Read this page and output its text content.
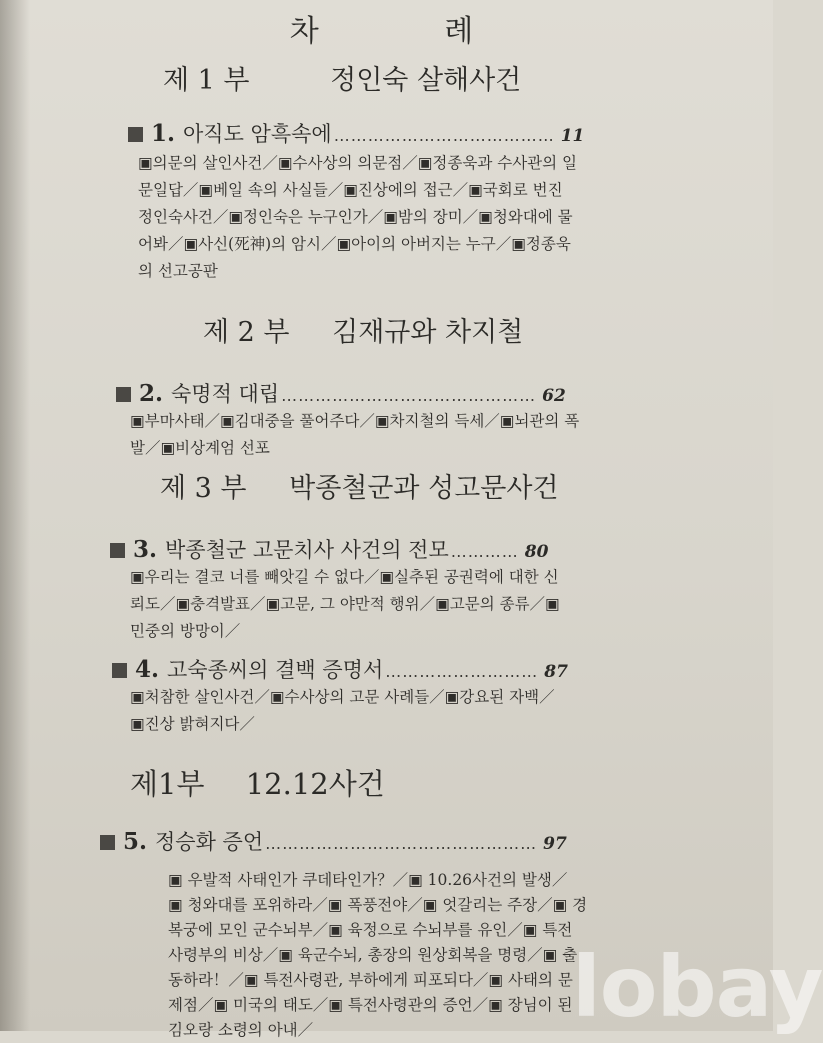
차 례
제 1 부	정인숙 살해사건
1. 아직도 암흑속에 ………………………………… 11
▣의문의 살인사건／▣수사상의 의문점／▣정종욱과 수사관의 일
문일답／▣베일 속의 사실들／▣진상에의 접근／▣국회로 번진
정인숙사건／▣정인숙은 누구인가／▣밤의 장미／▣청와대에 물
어봐／▣사신(死神)의 암시／▣아이의 아버지는 누구／▣정종욱
의 선고공판
제 2 부 김재규와 차지철
2. 숙명적 대립 ……………………………………… 62
▣부마사태／▣김대중을 풀어주다／▣차지철의 득세／▣뇌관의 폭
발／▣비상계엄 선포
제 3 부 박종철군과 성고문사건
3. 박종철군 고문치사 사건의 전모 ………… 80
▣우리는 결코 너를 빼앗길 수 없다／▣실추된 공권력에 대한 신
뢰도／▣충격발표／▣고문, 그 야만적 행위／▣고문의 종류／▣
민중의 방망이／
4. 고숙종씨의 결백 증명서 ……………………… 87
▣처참한 살인사건／▣수사상의 고문 사례들／▣강요된 자백／
▣진상 밝혀지다／
제1부 12.12사건
5. 정승화 증언 ………………………………………… 97
▣ 우발적 사태인가 쿠데타인가？／▣ 10.26사건의 발생／
▣ 청와대를 포위하라／▣ 폭풍전야／▣ 엇갈리는 주장／▣ 경
복궁에 모인 군수뇌부／▣ 육정으로 수뇌부를 유인／▣ 특전
사령부의 비상／▣ 육군수뇌, 총장의 원상회복을 명령／▣ 출
동하라！／▣ 특전사령관, 부하에게 피포되다／▣ 사태의 문
제점／▣ 미국의 태도／▣ 특전사령관의 증언／▣ 장님이 된
김오랑 소령의 아내／	lobay
